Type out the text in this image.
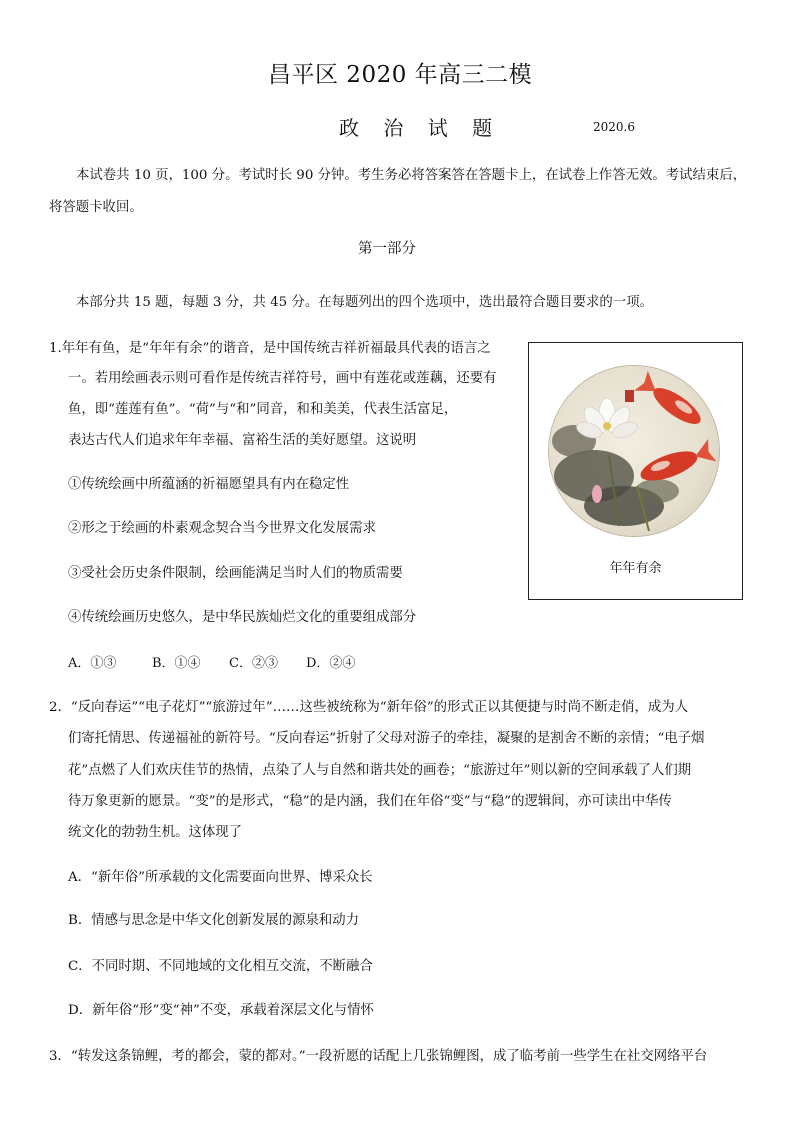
昌平区 2020 年高三二模
政 治 试 题	2020.6
本试卷共 10 页，100 分。考试时长 90 分钟。考生务必将答案答在答题卡上，在试卷上作答无效。考试结束后，
将答题卡收回。
第一部分
本部分共 15 题，每题 3 分，共 45 分。在每题列出的四个选项中，选出最符合题目要求的一项。
1.年年有鱼，是“年年有余”的谐音，是中国传统吉祥祈福最具代表的语言之
一。若用绘画表示则可看作是传统吉祥符号，画中有莲花或莲藕，还要有
鱼，即“莲莲有鱼”。“荷”与“和”同音，和和美美，代表生活富足，
表达古代人们追求年年幸福、富裕生活的美好愿望。这说明
①传统绘画中所蕴涵的祈福愿望具有内在稳定性
②形之于绘画的朴素观念契合当今世界文化发展需求
③受社会历史条件限制，绘画能满足当时人们的物质需要
④传统绘画历史悠久，是中华民族灿烂文化的重要组成部分
A．①③	B．①④ C．②③ D．②④
年年有余
2．“反向春运”“电子花灯”“旅游过年”……这些被统称为“新年俗”的形式正以其便捷与时尚不断走俏，成为人
们寄托情思、传递福祉的新符号。“反向春运”折射了父母对游子的牵挂，凝聚的是割舍不断的亲情；“电子烟
花”点燃了人们欢庆佳节的热情，点染了人与自然和谐共处的画卷；“旅游过年”则以新的空间承载了人们期
待万象更新的愿景。“变”的是形式，“稳”的是内涵，我们在年俗“变”与“稳”的逻辑间，亦可读出中华传
统文化的勃勃生机。这体现了
A．“新年俗”所承载的文化需要面向世界、博采众长
B．情感与思念是中华文化创新发展的源泉和动力
C．不同时期、不同地域的文化相互交流，不断融合
D．新年俗“形”变“神”不变，承载着深层文化与情怀
3．“转发这条锦鲤，考的都会，蒙的都对。”一段祈愿的话配上几张锦鲤图，成了临考前一些学生在社交网络平台
